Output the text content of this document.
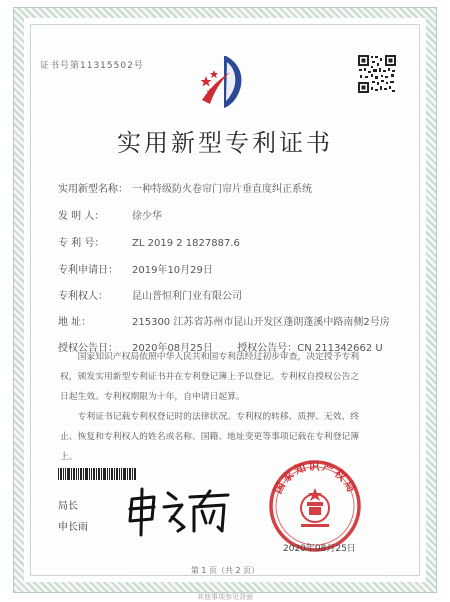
证书号第11315502号
实用新型专利证书
实用新型名称： 一种特级防火卷帘门帘片垂直度纠正系统
发 明 人：	徐少华
专 利 号：	ZL 2019 2 1827887.6
专利申请日： 2019年10月29日
专利权人： 昆山普恒利门业有限公司
地 址：	215300 江苏省苏州市昆山开发区蓬朗蓬溪中路南侧2号房
授权公告日： 2020年08月25日 授权公告号：CN 211342662 U

国家知识产权局依照中华人民共和国专利法经过初步审查，决定授予专利权，颁发实用新型专利证书并在专利登记簿上予以登记。专利权自授权公告之日起生效。专利权期限为十年，自申请日起算。

专利证书记载专利权登记时的法律状况。专利权的转移、质押、无效、终止、恢复和专利权人的姓名或名称、国籍、地址变更等事项记载在专利登记簿上。

局长
申长雨
国家知识产权局
2020年08月25日
第 1 页（共 2 页）
其他事项参见背面
